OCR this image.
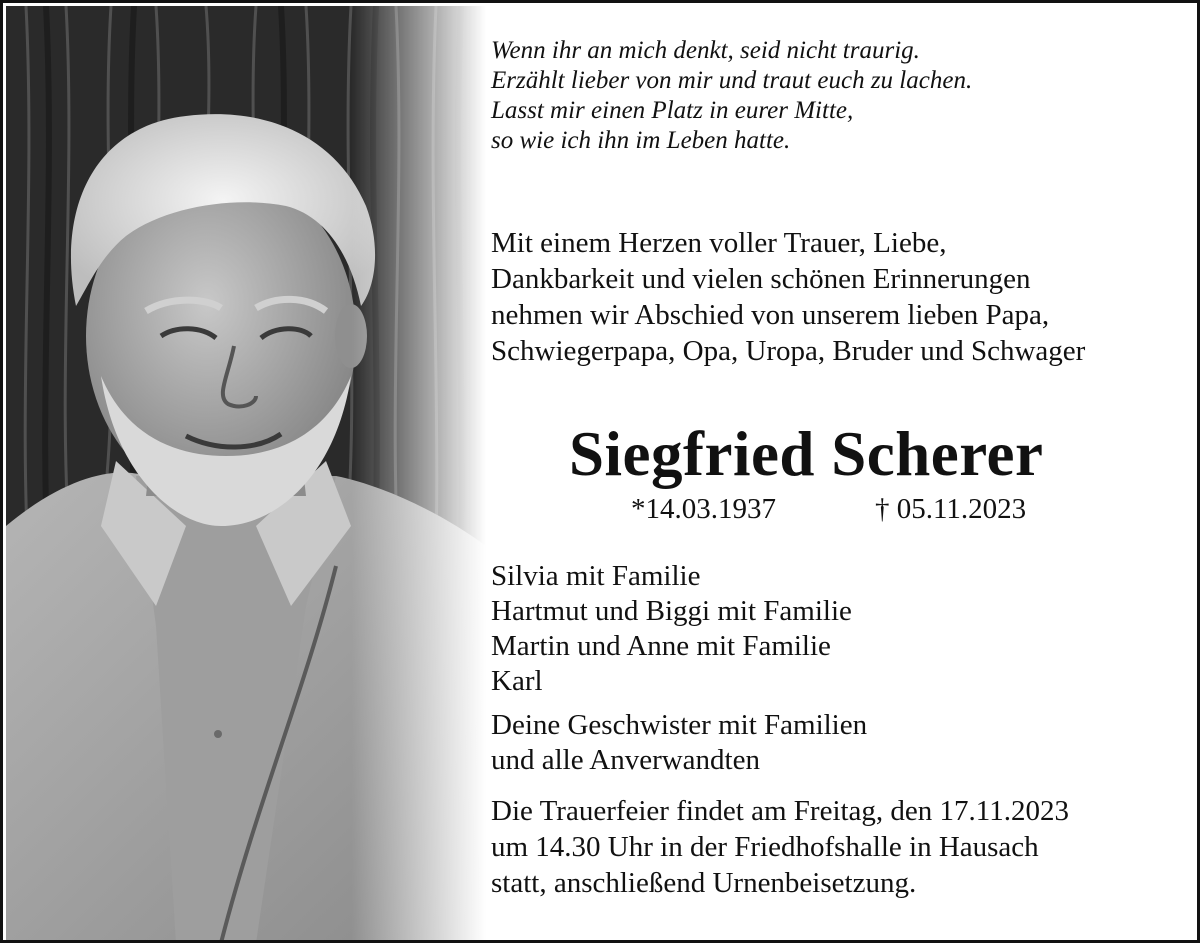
Wenn ihr an mich denkt, seid nicht traurig.
Erzählt lieber von mir und traut euch zu lachen.
Lasst mir einen Platz in eurer Mitte,
so wie ich ihn im Leben hatte.
Mit einem Herzen voller Trauer, Liebe,
Dankbarkeit und vielen schönen Erinnerungen
nehmen wir Abschied von unserem lieben Papa,
Schwiegerpapa, Opa, Uropa, Bruder und Schwager
Siegfried Scherer
*14.03.1937	† 05.11.2023
Silvia mit Familie
Hartmut und Biggi mit Familie
Martin und Anne mit Familie
Karl
Deine Geschwister mit Familien
und alle Anverwandten
Die Trauerfeier findet am Freitag, den 17.11.2023
um 14.30 Uhr in der Friedhofshalle in Hausach
statt, anschließend Urnenbeisetzung.
